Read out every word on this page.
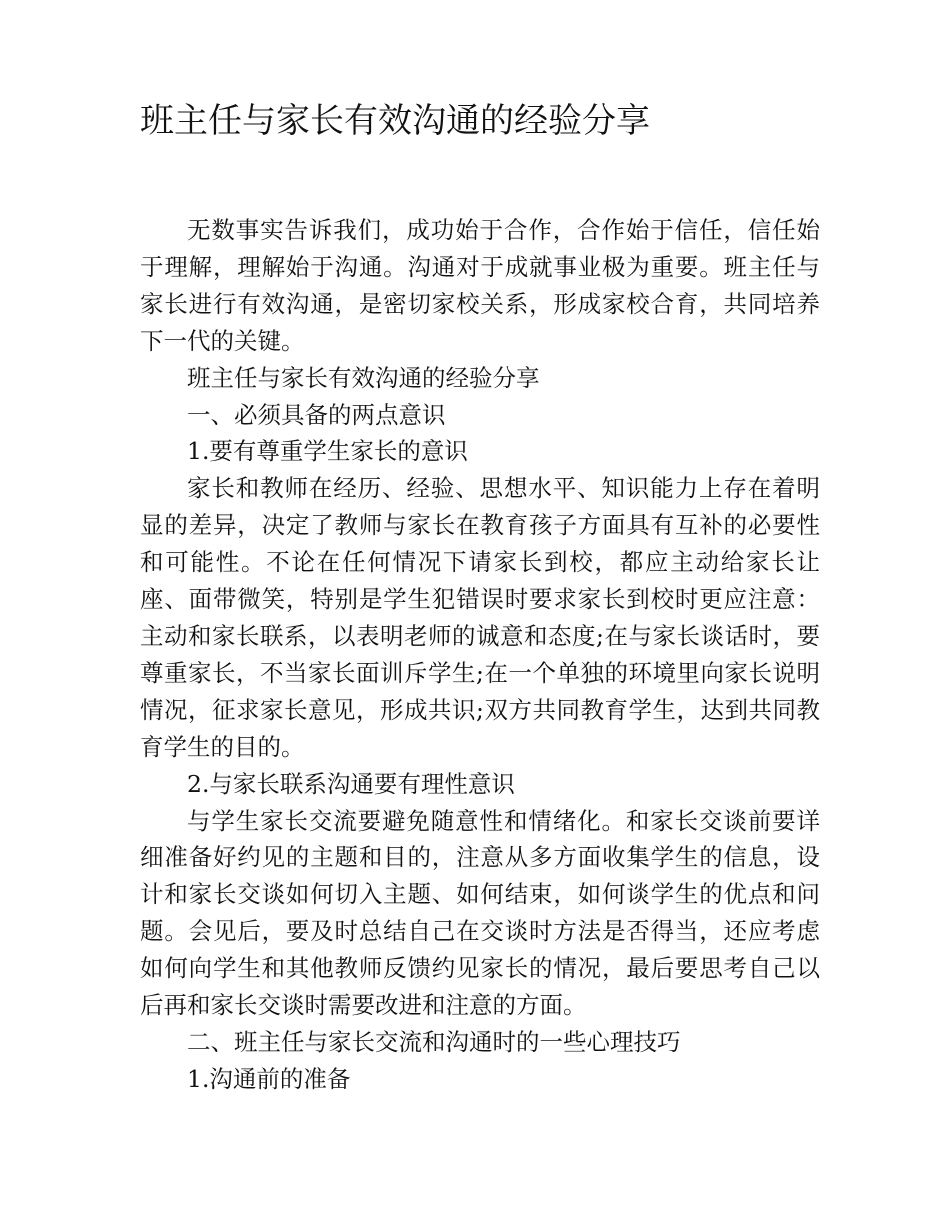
班主任与家长有效沟通的经验分享

无数事实告诉我们，成功始于合作，合作始于信任，信任始于理解，理解始于沟通。沟通对于成就事业极为重要。班主任与家长进行有效沟通，是密切家校关系，形成家校合育，共同培养下一代的关键。

班主任与家长有效沟通的经验分享

一、必须具备的两点意识

1.要有尊重学生家长的意识

家长和教师在经历、经验、思想水平、知识能力上存在着明显的差异，决定了教师与家长在教育孩子方面具有互补的必要性和可能性。不论在任何情况下请家长到校，都应主动给家长让座、面带微笑，特别是学生犯错误时要求家长到校时更应注意：主动和家长联系，以表明老师的诚意和态度;在与家长谈话时，要尊重家长，不当家长面训斥学生;在一个单独的环境里向家长说明情况，征求家长意见，形成共识;双方共同教育学生，达到共同教育学生的目的。

2.与家长联系沟通要有理性意识

与学生家长交流要避免随意性和情绪化。和家长交谈前要详细准备好约见的主题和目的，注意从多方面收集学生的信息，设计和家长交谈如何切入主题、如何结束，如何谈学生的优点和问题。会见后，要及时总结自己在交谈时方法是否得当，还应考虑如何向学生和其他教师反馈约见家长的情况，最后要思考自己以后再和家长交谈时需要改进和注意的方面。

二、班主任与家长交流和沟通时的一些心理技巧

1.沟通前的准备
